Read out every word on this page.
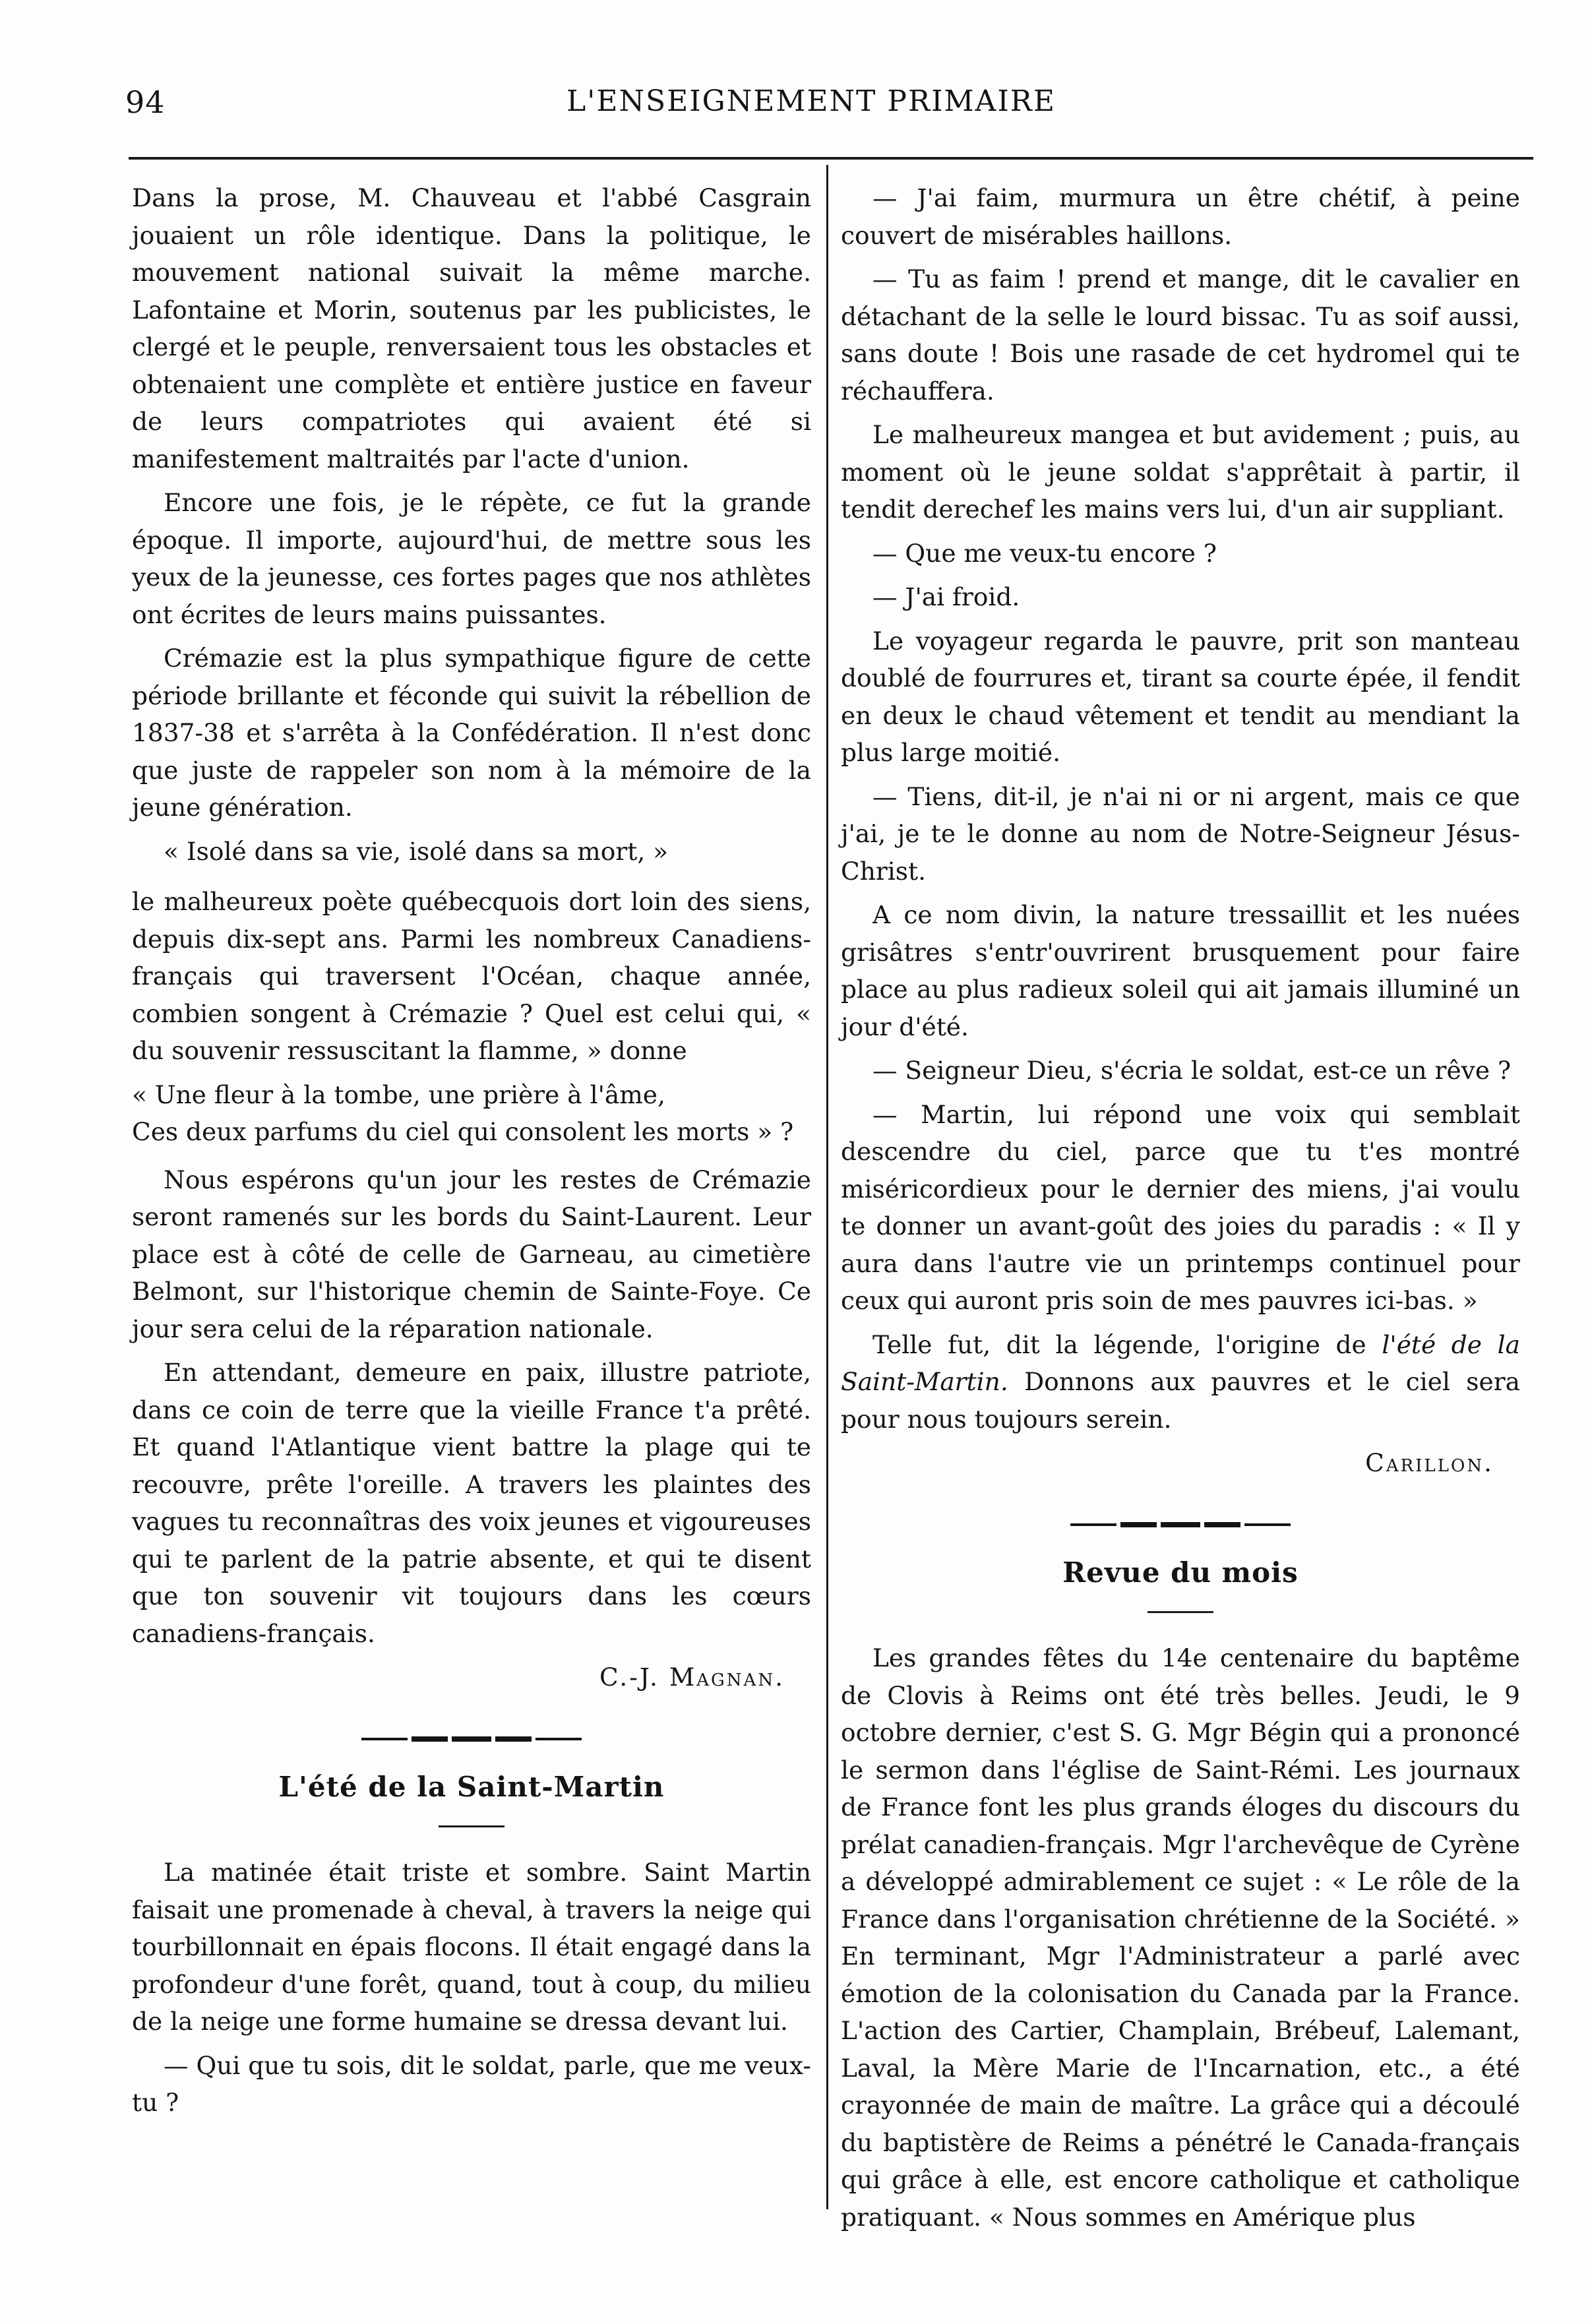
94	L'ENSEIGNEMENT PRIMAIRE

Dans la prose, M. Chauveau et l'abbé Casgrain jouaient un rôle identique. Dans la politique, le mouvement national suivait la même marche. Lafontaine et Morin, soutenus par les publicistes, le clergé et le peuple, renversaient tous les obstacles et obtenaient une complète et entière justice en faveur de leurs compatriotes qui avaient été si manifestement maltraités par l'acte d'union.

Encore une fois, je le répète, ce fut la grande époque. Il importe, aujourd'hui, de mettre sous les yeux de la jeunesse, ces fortes pages que nos athlètes ont écrites de leurs mains puissantes.

Crémazie est la plus sympathique figure de cette période brillante et féconde qui suivit la rébellion de 1837-38 et s'arrêta à la Confédération. Il n'est donc que juste de rappeler son nom à la mémoire de la jeune génération.

« Isolé dans sa vie, isolé dans sa mort, »

le malheureux poète québecquois dort loin des siens, depuis dix-sept ans. Parmi les nombreux Canadiens-français qui traversent l'Océan, chaque année, combien songent à Crémazie ? Quel est celui qui, « du souvenir ressuscitant la flamme, » donne

« Une fleur à la tombe, une prière à l'âme,
Ces deux parfums du ciel qui consolent les morts » ?

Nous espérons qu'un jour les restes de Crémazie seront ramenés sur les bords du Saint-Laurent. Leur place est à côté de celle de Garneau, au cimetière Belmont, sur l'historique chemin de Sainte-Foye. Ce jour sera celui de la réparation nationale.

En attendant, demeure en paix, illustre patriote, dans ce coin de terre que la vieille France t'a prêté. Et quand l'Atlantique vient battre la plage qui te recouvre, prête l'oreille. A travers les plaintes des vagues tu reconnaîtras des voix jeunes et vigoureuses qui te parlent de la patrie absente, et qui te disent que ton souvenir vit toujours dans les cœurs canadiens-français.

C.-J. Magnan.
L'été de la Saint-Martin

La matinée était triste et sombre. Saint Martin faisait une promenade à cheval, à travers la neige qui tourbillonnait en épais flocons. Il était engagé dans la profondeur d'une forêt, quand, tout à coup, du milieu de la neige une forme humaine se dressa devant lui.

— Qui que tu sois, dit le soldat, parle, que me veux-tu ?

— J'ai faim, murmura un être chétif, à peine couvert de misérables haillons.

— Tu as faim ! prend et mange, dit le cavalier en détachant de la selle le lourd bissac. Tu as soif aussi, sans doute ! Bois une rasade de cet hydromel qui te réchauffera.

Le malheureux mangea et but avidement ; puis, au moment où le jeune soldat s'apprêtait à partir, il tendit derechef les mains vers lui, d'un air suppliant.

— Que me veux-tu encore ?

— J'ai froid.

Le voyageur regarda le pauvre, prit son manteau doublé de fourrures et, tirant sa courte épée, il fendit en deux le chaud vêtement et tendit au mendiant la plus large moitié.

— Tiens, dit-il, je n'ai ni or ni argent, mais ce que j'ai, je te le donne au nom de Notre-Seigneur Jésus-Christ.

A ce nom divin, la nature tressaillit et les nuées grisâtres s'entr'ouvrirent brusquement pour faire place au plus radieux soleil qui ait jamais illuminé un jour d'été.

— Seigneur Dieu, s'écria le soldat, est-ce un rêve ?

— Martin, lui répond une voix qui semblait descendre du ciel, parce que tu t'es montré miséricordieux pour le dernier des miens, j'ai voulu te donner un avant-goût des joies du paradis : « Il y aura dans l'autre vie un printemps continuel pour ceux qui auront pris soin de mes pauvres ici-bas. »

Telle fut, dit la légende, l'origine de l'été de la Saint-Martin. Donnons aux pauvres et le ciel sera pour nous toujours serein.

Carillon.
Revue du mois

Les grandes fêtes du 14e centenaire du baptême de Clovis à Reims ont été très belles. Jeudi, le 9 octobre dernier, c'est S. G. Mgr Bégin qui a prononcé le sermon dans l'église de Saint-Rémi. Les journaux de France font les plus grands éloges du discours du prélat canadien-français. Mgr l'archevêque de Cyrène a développé admirablement ce sujet : « Le rôle de la France dans l'organisation chrétienne de la Société. » En terminant, Mgr l'Administrateur a parlé avec émotion de la colonisation du Canada par la France. L'action des Cartier, Champlain, Brébeuf, Lalemant, Laval, la Mère Marie de l'Incarnation, etc., a été crayonnée de main de maître. La grâce qui a découlé du baptistère de Reims a pénétré le Canada-français qui grâce à elle, est encore catholique et catholique pratiquant. « Nous sommes en Amérique plus
